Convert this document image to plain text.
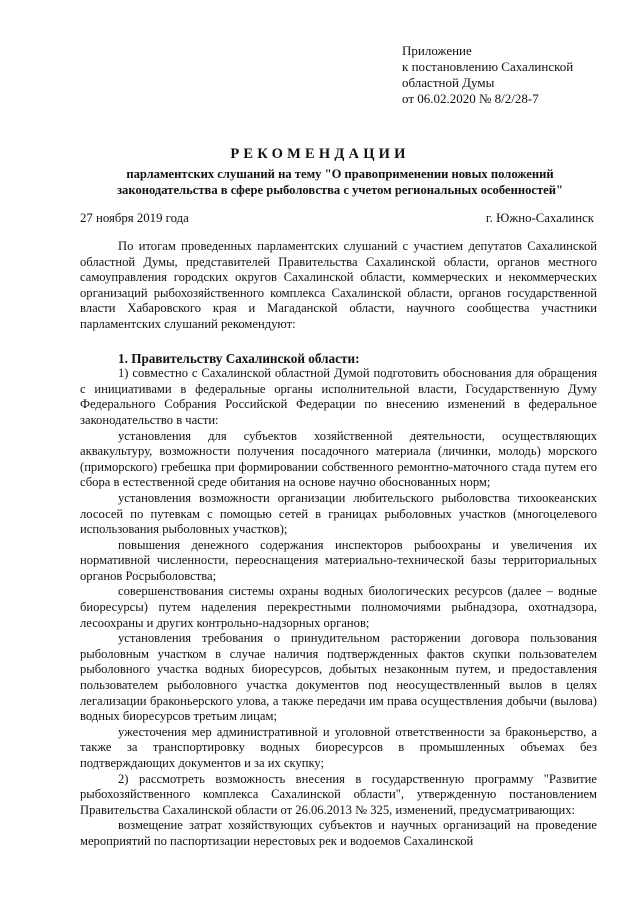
Приложение
к постановлению Сахалинской
областной Думы
от 06.02.2020 № 8/2/28-7
РЕКОМЕНДАЦИИ
парламентских слушаний на тему "О правоприменении новых положений
законодательства в сфере рыболовства с учетом региональных особенностей"
27 ноября 2019 года	г. Южно-Сахалинск

По итогам проведенных парламентских слушаний с участием депутатов Сахалинской областной Думы, представителей Правительства Сахалинской области, органов местного самоуправления городских округов Сахалинской области, коммерческих и некоммерческих организаций рыбохозяйственного комплекса Сахалинской области, органов государственной власти Хабаровского края и Магаданской области, научного сообщества участники парламентских слушаний рекомендуют:

1. Правительству Сахалинской области:

1) совместно с Сахалинской областной Думой подготовить обоснования для обращения с инициативами в федеральные органы исполнительной власти, Государственную Думу Федерального Собрания Российской Федерации по внесению изменений в федеральное законодательство в части:

установления для субъектов хозяйственной деятельности, осуществляющих аквакультуру, возможности получения посадочного материала (личинки, молодь) морского (приморского) гребешка при формировании собственного ремонтно-маточного стада путем его сбора в естественной среде обитания на основе научно обоснованных норм;

установления возможности организации любительского рыболовства тихоокеанских лососей по путевкам с помощью сетей в границах рыболовных участков (многоцелевого использования рыболовных участков);

повышения денежного содержания инспекторов рыбоохраны и увеличения их нормативной численности, переоснащения материально-технической базы территориальных органов Росрыболовства;

совершенствования системы охраны водных биологических ресурсов (далее – водные биоресурсы) путем наделения перекрестными полномочиями рыбнадзора, охотнадзора, лесоохраны и других контрольно-надзорных органов;

установления требования о принудительном расторжении договора пользования рыболовным участком в случае наличия подтвержденных фактов скупки пользователем рыболовного участка водных биоресурсов, добытых незаконным путем, и предоставления пользователем рыболовного участка документов под неосуществленный вылов в целях легализации браконьерского улова, а также передачи им права осуществления добычи (вылова) водных биоресурсов третьим лицам;

ужесточения мер административной и уголовной ответственности за браконьерство, а также за транспортировку водных биоресурсов в промышленных объемах без подтверждающих документов и за их скупку;

2) рассмотреть возможность внесения в государственную программу "Развитие рыбохозяйственного комплекса Сахалинской области", утвержденную постановлением Правительства Сахалинской области от 26.06.2013 № 325, изменений, предусматривающих:

возмещение затрат хозяйствующих субъектов и научных организаций на проведение мероприятий по паспортизации нерестовых рек и водоемов Сахалинской
